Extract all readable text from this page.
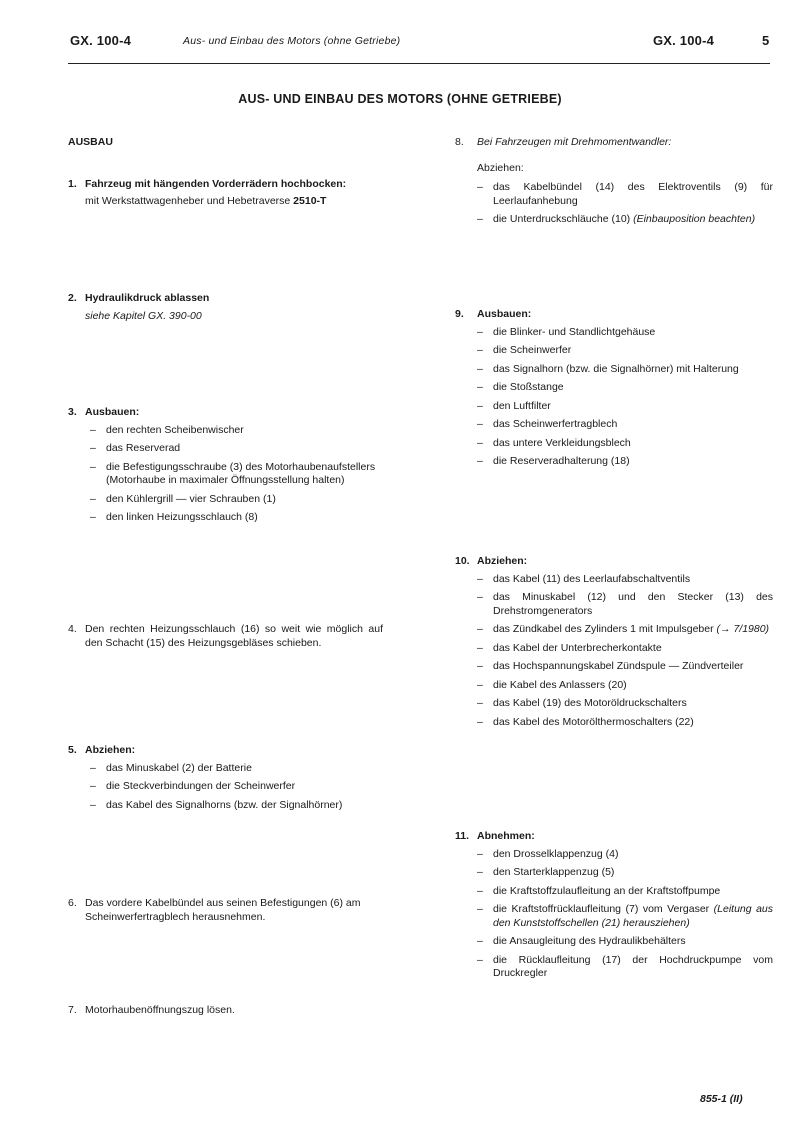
GX. 100-4	Aus- und Einbau des Motors (ohne Getriebe)	GX. 100-4	5
AUS- UND EINBAU DES MOTORS (OHNE GETRIEBE)
AUSBAU
1. Fahrzeug mit hängenden Vorderrädern hochbocken:
mit Werkstattwagenheber und Hebetraverse 2510-T
2. Hydraulikdruck ablassen
siehe Kapitel GX. 390-00
3. Ausbauen:
– den rechten Scheibenwischer
– das Reserverad
– die Befestigungsschraube (3) des Motorhaubenaufstellers (Motorhaube in maximaler Öffnungsstellung halten)
– den Kühlergrill — vier Schrauben (1)
– den linken Heizungsschlauch (8)
4. Den rechten Heizungsschlauch (16) so weit wie möglich auf den Schacht (15) des Heizungsgebläses schieben.
5. Abziehen:
– das Minuskabel (2) der Batterie
– die Steckverbindungen der Scheinwerfer
– das Kabel des Signalhorns (bzw. der Signalhörner)
6. Das vordere Kabelbündel aus seinen Befestigungen (6) am Scheinwerfertragblech herausnehmen.
7. Motorhaubenöffnungszug lösen.
8. Bei Fahrzeugen mit Drehmomentwandler:
Abziehen:
– das Kabelbündel (14) des Elektroventils (9) für Leerlaufanhebung
– die Unterdruckschläuche (10) (Einbauposition beachten)
9. Ausbauen:
– die Blinker- und Standlichtgehäuse
– die Scheinwerfer
– das Signalhorn (bzw. die Signalhörner) mit Halterung
– die Stoßstange
– den Luftfilter
– das Scheinwerfertragblech
– das untere Verkleidungsblech
– die Reserveradhalterung (18)
10. Abziehen:
– das Kabel (11) des Leerlaufabschaltventils
– das Minuskabel (12) und den Stecker (13) des Drehstromgenerators
– das Zündkabel des Zylinders 1 mit Impulsgeber (→ 7/1980)
– das Kabel der Unterbrecherkontakte
– das Hochspannungskabel Zündspule — Zündverteiler
– die Kabel des Anlassers (20)
– das Kabel (19) des Motoröldruckschalters
– das Kabel des Motorölthermoschalters (22)
11. Abnehmen:
– den Drosselklappenzug (4)
– den Starterklappenzug (5)
– die Kraftstoffzulaufleitung an der Kraftstoffpumpe
– die Kraftstoffrücklaufleitung (7) vom Vergaser (Leitung aus den Kunststoffschellen (21) herausziehen)
– die Ansaugleitung des Hydraulikbehälters
– die Rücklaufleitung (17) der Hochdruckpumpe vom Druckregler
855-1 (II)
